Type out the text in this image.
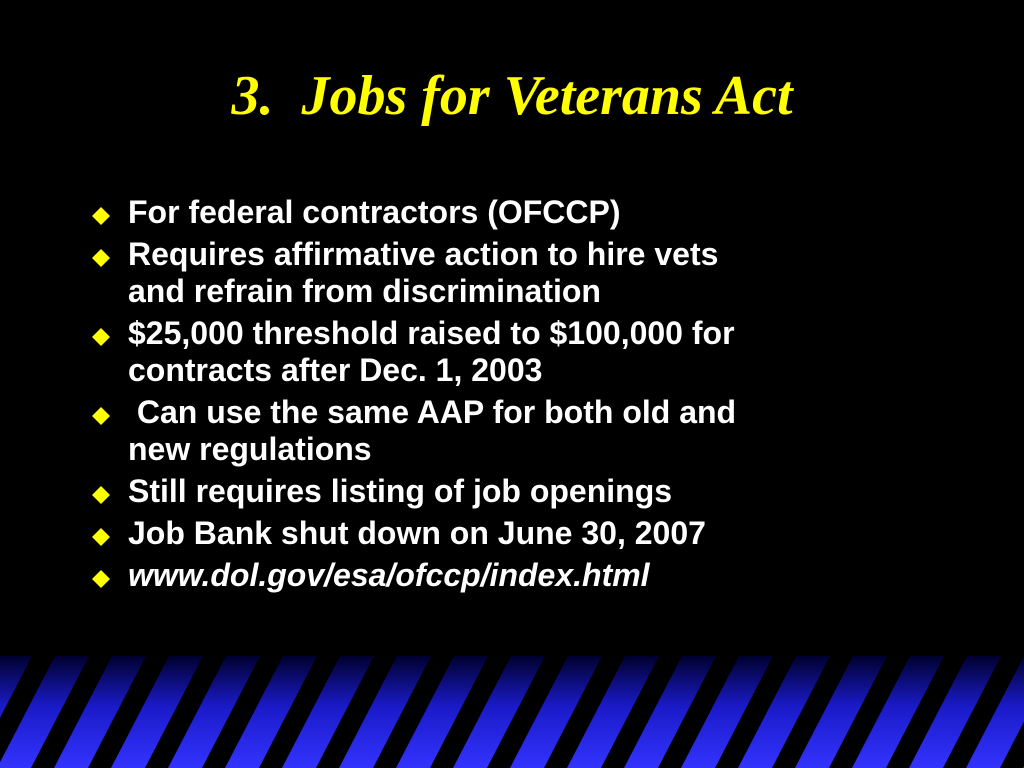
3.  Jobs for Veterans Act
For federal contractors (OFCCP)
Requires affirmative action to hire vets
and refrain from discrimination
$25,000 threshold raised to $100,000 for
contracts after Dec. 1, 2003
Can use the same AAP for both old and
new regulations
Still requires listing of job openings
Job Bank shut down on June 30, 2007
www.dol.gov/esa/ofccp/index.html
